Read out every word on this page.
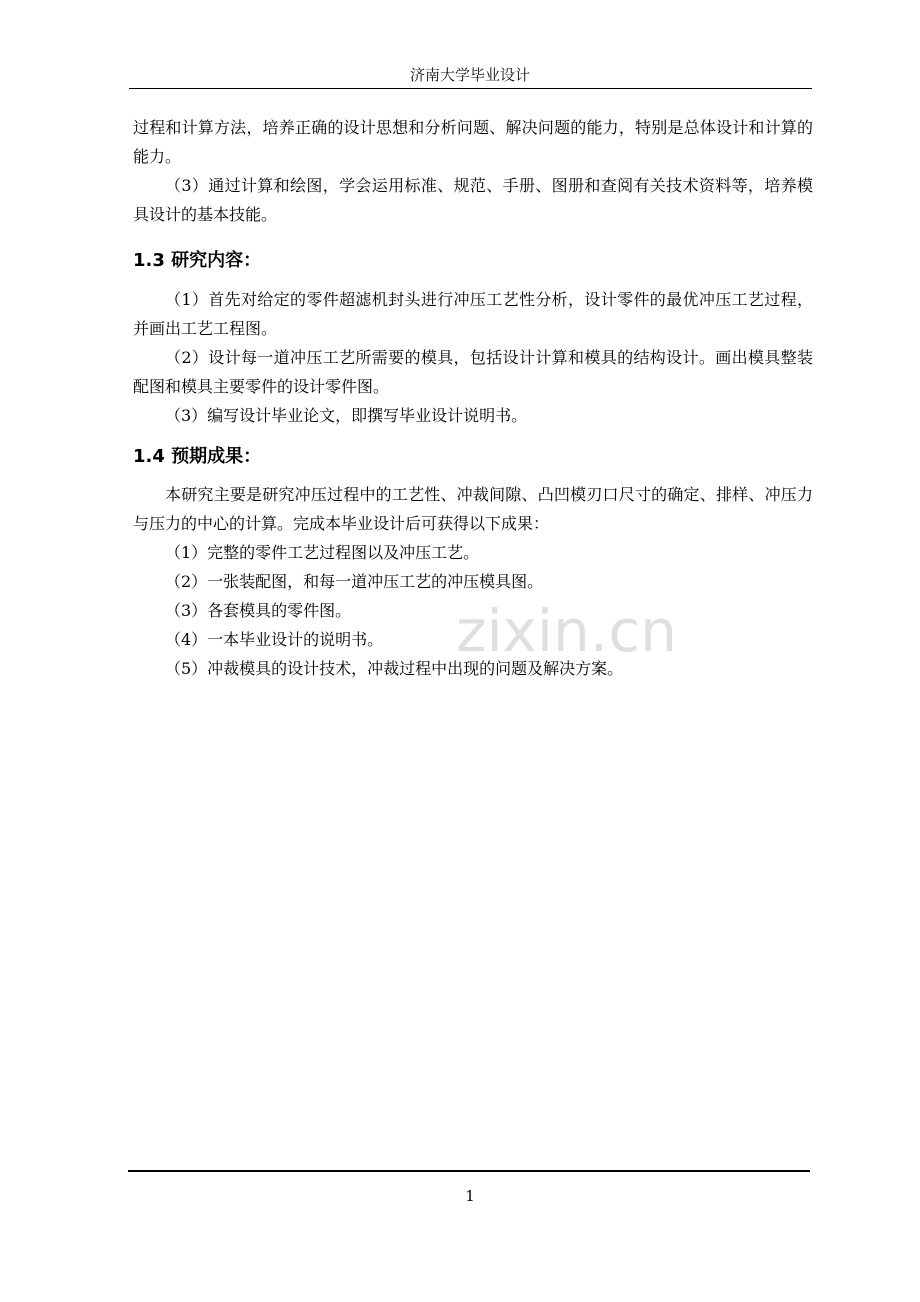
济南大学毕业设计

过程和计算方法，培养正确的设计思想和分析问题、解决问题的能力，特别是总体设计和计算的能力。

（3）通过计算和绘图，学会运用标准、规范、手册、图册和查阅有关技术资料等，培养模具设计的基本技能。

1.3 研究内容：

（1）首先对给定的零件超滤机封头进行冲压工艺性分析，设计零件的最优冲压工艺过程，并画出工艺工程图。

（2）设计每一道冲压工艺所需要的模具，包括设计计算和模具的结构设计。画出模具整装配图和模具主要零件的设计零件图。

（3）编写设计毕业论文，即撰写毕业设计说明书。

1.4 预期成果：

本研究主要是研究冲压过程中的工艺性、冲裁间隙、凸凹模刃口尺寸的确定、排样、冲压力与压力的中心的计算。完成本毕业设计后可获得以下成果：

（1）完整的零件工艺过程图以及冲压工艺。

（2）一张装配图，和每一道冲压工艺的冲压模具图。

（3）各套模具的零件图。

（4）一本毕业设计的说明书。

（5）冲裁模具的设计技术，冲裁过程中出现的问题及解决方案。

zixin.cn
1
